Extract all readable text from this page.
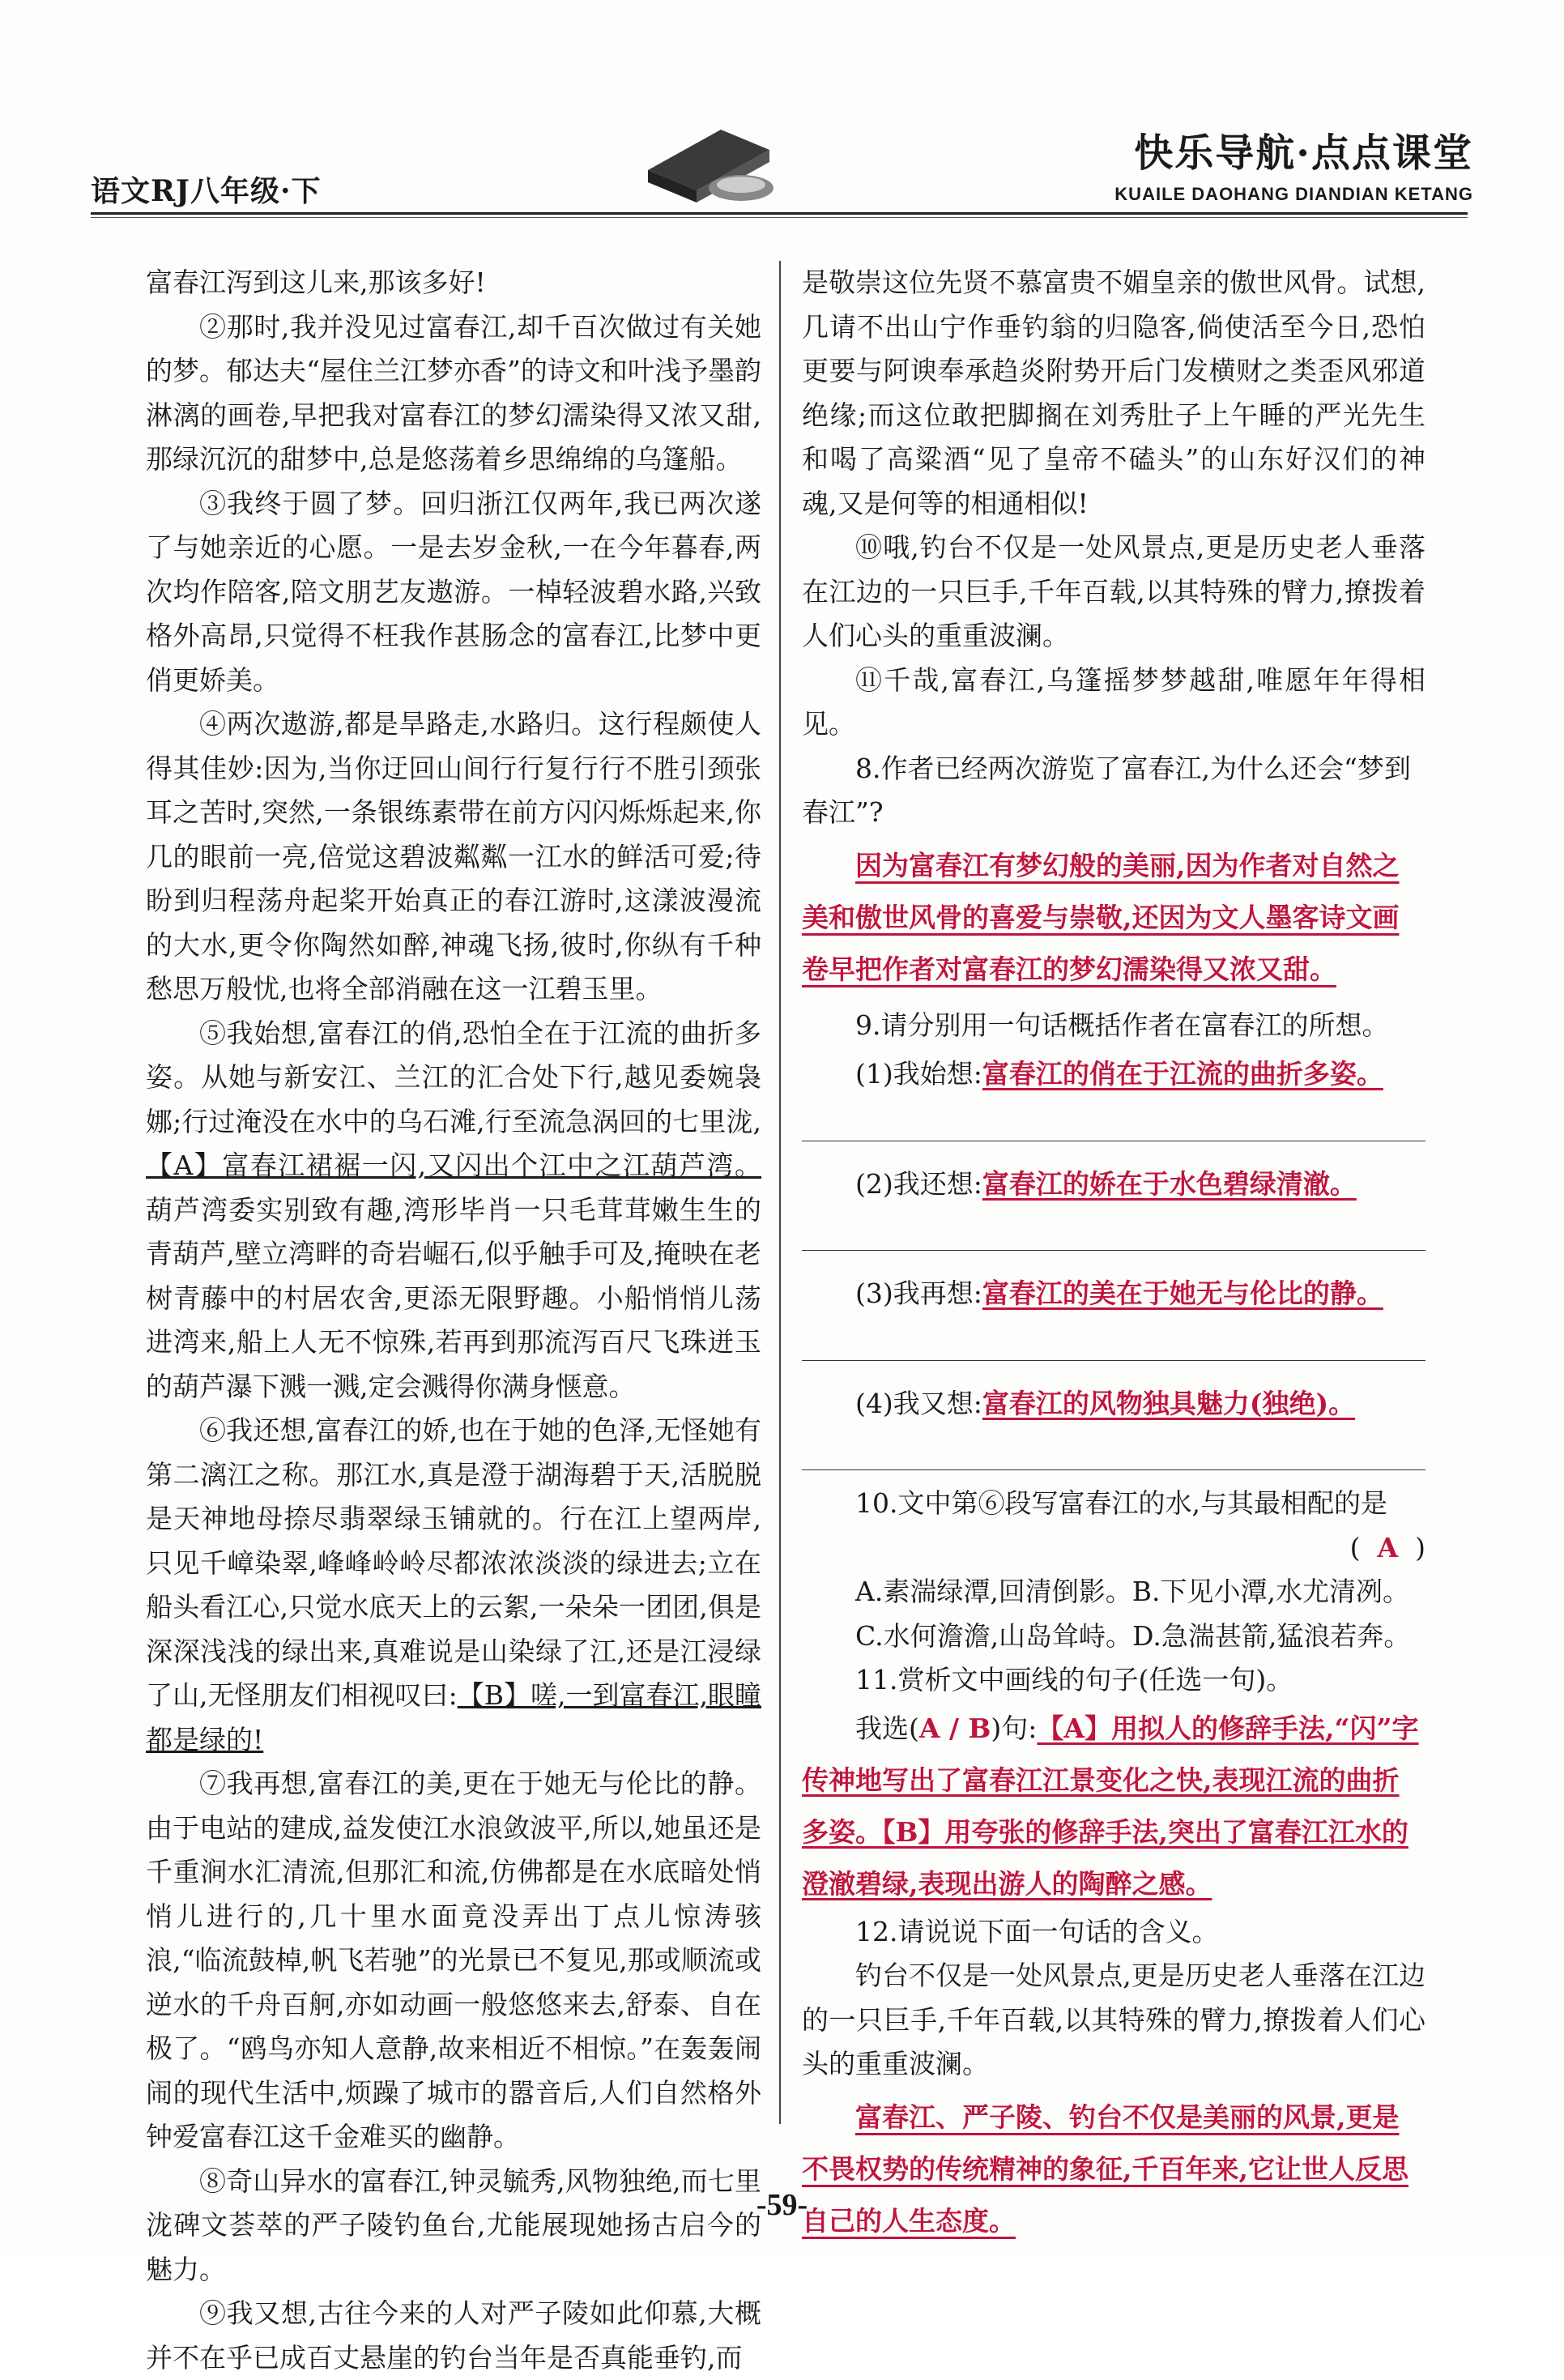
语文RJ八年级·下
快乐导航·点点课堂
KUAILE DAOHANG DIANDIAN KETANG

富春江泻到这儿来,那该多好!

②那时,我并没见过富春江,却千百次做过有关她的梦。郁达夫“屋住兰江梦亦香”的诗文和叶浅予墨韵淋漓的画卷,早把我对富春江的梦幻濡染得又浓又甜,那绿沉沉的甜梦中,总是悠荡着乡思绵绵的乌篷船。

③我终于圆了梦。回归浙江仅两年,我已两次遂了与她亲近的心愿。一是去岁金秋,一在今年暮春,两次均作陪客,陪文朋艺友遨游。一棹轻波碧水路,兴致格外高昂,只觉得不枉我作甚肠念的富春江,比梦中更俏更娇美。

④两次遨游,都是旱路走,水路归。这行程颇使人得其佳妙:因为,当你迂回山间行行复行行不胜引颈张耳之苦时,突然,一条银练素带在前方闪闪烁烁起来,你几的眼前一亮,倍觉这碧波粼粼一江水的鲜活可爱;待盼到归程荡舟起桨开始真正的春江游时,这漾波漫流的大水,更令你陶然如醉,神魂飞扬,彼时,你纵有千种愁思万般忧,也将全部消融在这一江碧玉里。

⑤我始想,富春江的俏,恐怕全在于江流的曲折多姿。从她与新安江、兰江的汇合处下行,越见委婉袅娜;行过淹没在水中的乌石滩,行至流急涡回的七里泷,【A】富春江裙裾一闪,又闪出个江中之江葫芦湾。葫芦湾委实别致有趣,湾形毕肖一只毛茸茸嫩生生的青葫芦,壁立湾畔的奇岩崛石,似乎触手可及,掩映在老树青藤中的村居农舍,更添无限野趣。小船悄悄儿荡进湾来,船上人无不惊殊,若再到那流泻百尺飞珠迸玉的葫芦瀑下溅一溅,定会溅得你满身惬意。

⑥我还想,富春江的娇,也在于她的色泽,无怪她有第二漓江之称。那江水,真是澄于湖海碧于天,活脱脱是天神地母捺尽翡翠绿玉铺就的。行在江上望两岸,只见千嶂染翠,峰峰岭岭尽都浓浓淡淡的绿进去;立在船头看江心,只觉水底天上的云絮,一朵朵一团团,俱是深深浅浅的绿出来,真难说是山染绿了江,还是江浸绿了山,无怪朋友们相视叹曰:【B】嗟,一到富春江,眼瞳都是绿的!

⑦我再想,富春江的美,更在于她无与伦比的静。由于电站的建成,益发使江水浪敛波平,所以,她虽还是千重涧水汇清流,但那汇和流,仿佛都是在水底暗处悄悄儿进行的,几十里水面竟没弄出丁点儿惊涛骇浪,“临流鼓棹,帆飞若驰”的光景已不复见,那或顺流或逆水的千舟百舸,亦如动画一般悠悠来去,舒泰、自在极了。“鸥鸟亦知人意静,故来相近不相惊。”在轰轰闹闹的现代生活中,烦躁了城市的嚣音后,人们自然格外钟爱富春江这千金难买的幽静。

⑧奇山异水的富春江,钟灵毓秀,风物独绝,而七里泷碑文荟萃的严子陵钓鱼台,尤能展现她扬古启今的魅力。

⑨我又想,古往今来的人对严子陵如此仰慕,大概并不在乎已成百丈悬崖的钓台当年是否真能垂钓,而

是敬崇这位先贤不慕富贵不媚皇亲的傲世风骨。试想,几请不出山宁作垂钓翁的归隐客,倘使活至今日,恐怕更要与阿谀奉承趋炎附势开后门发横财之类歪风邪道绝缘;而这位敢把脚搁在刘秀肚子上午睡的严光先生和喝了高粱酒“见了皇帝不磕头”的山东好汉们的神魂,又是何等的相通相似!

⑩哦,钓台不仅是一处风景点,更是历史老人垂落在江边的一只巨手,千年百载,以其特殊的臂力,撩拨着人们心头的重重波澜。

⑪千哉,富春江,乌篷摇梦梦越甜,唯愿年年得相见。

8.作者已经两次游览了富春江,为什么还会“梦到春江”?

因为富春江有梦幻般的美丽,因为作者对自然之美和傲世风骨的喜爱与崇敬,还因为文人墨客诗文画卷早把作者对富春江的梦幻濡染得又浓又甜。

9.请分别用一句话概括作者在富春江的所想。

(1)我始想:富春江的俏在于江流的曲折多姿。

(2)我还想:富春江的娇在于水色碧绿清澈。

(3)我再想:富春江的美在于她无与伦比的静。

(4)我又想:富春江的风物独具魅力(独绝)。

10.文中第⑥段写富春江的水,与其最相配的是

( A )

A.素湍绿潭,回清倒影。B.下见小潭,水尤清冽。

C.水何澹澹,山岛耸峙。D.急湍甚箭,猛浪若奔。

11.赏析文中画线的句子(任选一句)。

我选(A / B)句:【A】用拟人的修辞手法,“闪”字传神地写出了富春江江景变化之快,表现江流的曲折多姿。【B】用夸张的修辞手法,突出了富春江江水的澄澈碧绿,表现出游人的陶醉之感。

12.请说说下面一句话的含义。

钓台不仅是一处风景点,更是历史老人垂落在江边的一只巨手,千年百载,以其特殊的臂力,撩拨着人们心头的重重波澜。

富春江、严子陵、钓台不仅是美丽的风景,更是不畏权势的传统精神的象征,千百年来,它让世人反思自己的人生态度。
-59-
